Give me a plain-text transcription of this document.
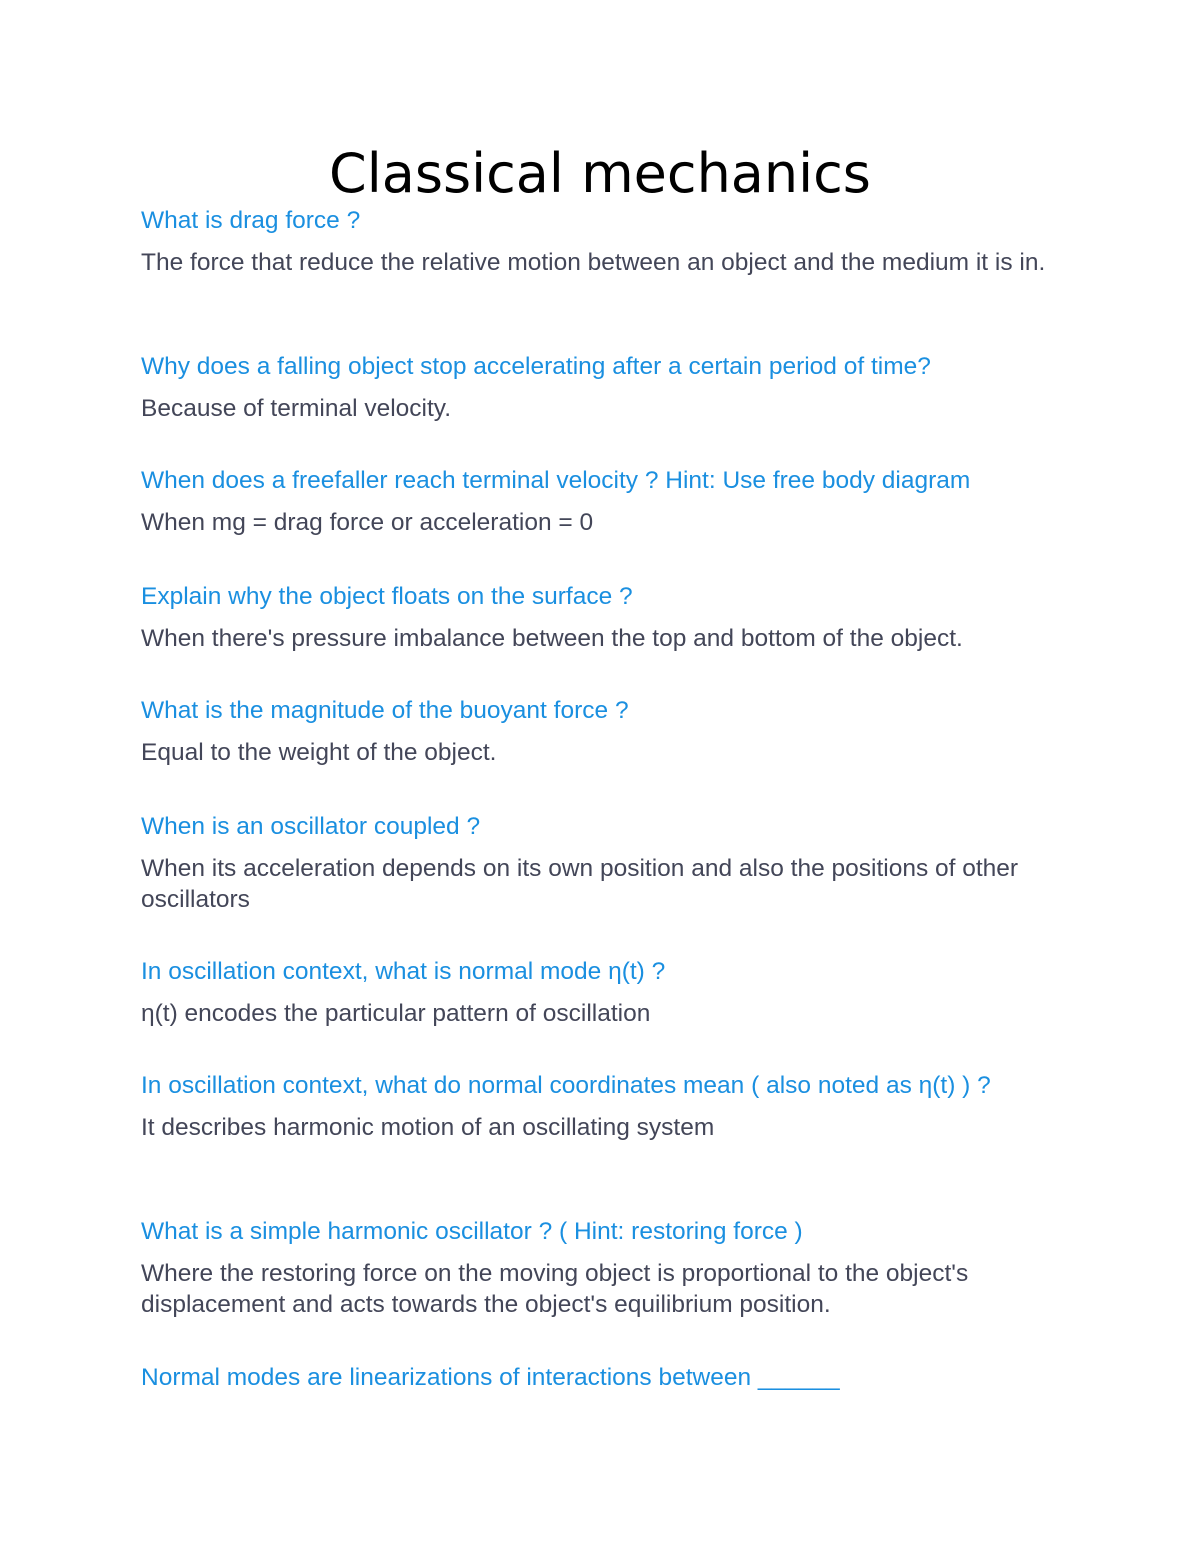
Classical mechanics

What is drag force ?

The force that reduce the relative motion between an object and the medium it is in.

Why does a falling object stop accelerating after a certain period of time?

Because of terminal velocity.

When does a freefaller reach terminal velocity ? Hint: Use free body diagram

When mg = drag force or acceleration = 0

Explain why the object floats on the surface ?

When there's pressure imbalance between the top and bottom of the object.

What is the magnitude of the buoyant force ?

Equal to the weight of the object.

When is an oscillator coupled ?

When its acceleration depends on its own position and also the positions of other oscillators

In oscillation context, what is normal mode η(t) ?

η(t) encodes the particular pattern of oscillation

In oscillation context, what do normal coordinates mean ( also noted as η(t) ) ?

It describes harmonic motion of an oscillating system

What is a simple harmonic oscillator ? ( Hint: restoring force )

Where the restoring force on the moving object is proportional to the object's displacement and acts towards the object's equilibrium position.

Normal modes are linearizations of interactions between ______
